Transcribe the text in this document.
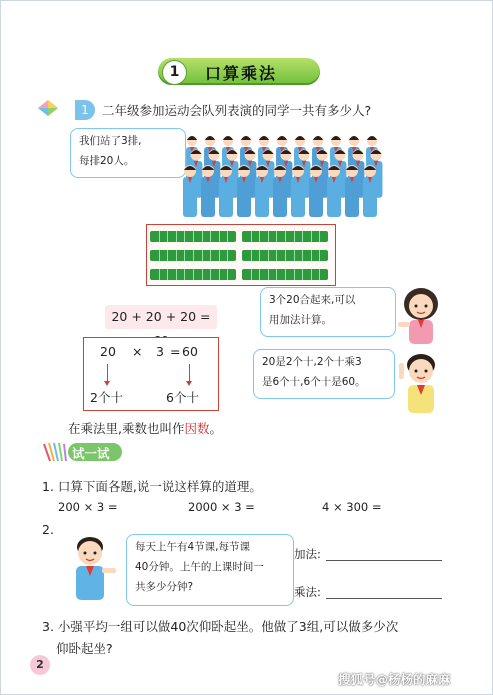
1	口算乘法
1	二年级参加运动会队列表演的同学一共有多少人?
我们站了3排,
每排20人。
20 + 20 + 20 =
20 × 3 = 60
2个十	6个十
3个20合起来,可以
用加法计算。
20是2个十,2个十乘3
是6个十,6个十是60。
在乘法里,乘数也叫作因数。
试一试
1. 口算下面各题,说一说这样算的道理。
200 × 3 =	2000 × 3 =	4 × 300 =
2.
每天上午有4节课,每节课
40分钟。上午的上课时间一
共多少分钟?
加法:
乘法:
3. 小强平均一组可以做40次仰卧起坐。他做了3组,可以做多少次
仰卧起坐?
2
搜狐号@杨杨的麻麻
